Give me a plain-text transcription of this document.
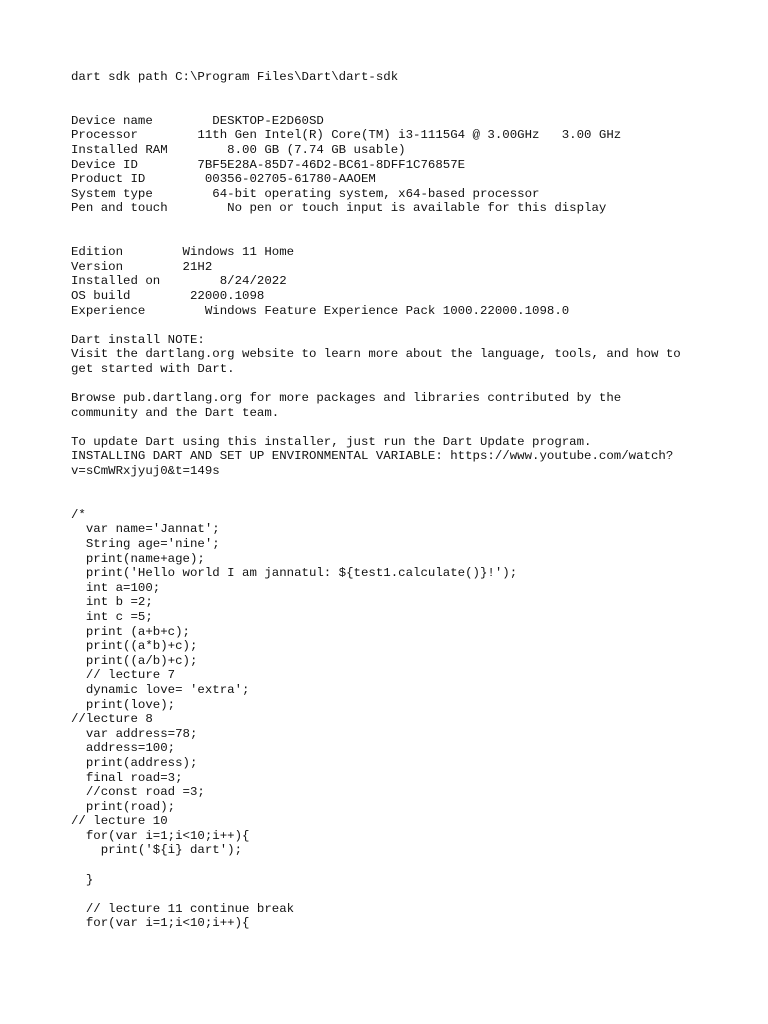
dart sdk path C:\Program Files\Dart\dart-sdk
Device name        DESKTOP-E2D60SD
Processor        11th Gen Intel(R) Core(TM) i3-1115G4 @ 3.00GHz   3.00 GHz
Installed RAM        8.00 GB (7.74 GB usable)
Device ID        7BF5E28A-85D7-46D2-BC61-8DFF1C76857E
Product ID        00356-02705-61780-AAOEM
System type        64-bit operating system, x64-based processor
Pen and touch        No pen or touch input is available for this display
Edition        Windows 11 Home
Version        21H2
Installed on        8/24/2022
OS build        22000.1098
Experience        Windows Feature Experience Pack 1000.22000.1098.0
Dart install NOTE:
Visit the dartlang.org website to learn more about the language, tools, and how to
get started with Dart.
Browse pub.dartlang.org for more packages and libraries contributed by the
community and the Dart team.
To update Dart using this installer, just run the Dart Update program.
INSTALLING DART AND SET UP ENVIRONMENTAL VARIABLE: https://www.youtube.com/watch?
v=sCmWRxjyuj0&t=149s
/*
var name='Jannat';
String age='nine';
print(name+age);
print('Hello world I am jannatul: ${test1.calculate()}!');
int a=100;
int b =2;
int c =5;
print (a+b+c);
print((a*b)+c);
print((a/b)+c);
// lecture 7
dynamic love= 'extra';
print(love);
//lecture 8
var address=78;
address=100;
print(address);
final road=3;
//const road =3;
print(road);
// lecture 10
for(var i=1;i<10;i++){
print('${i} dart');
}
// lecture 11 continue break
for(var i=1;i<10;i++){
